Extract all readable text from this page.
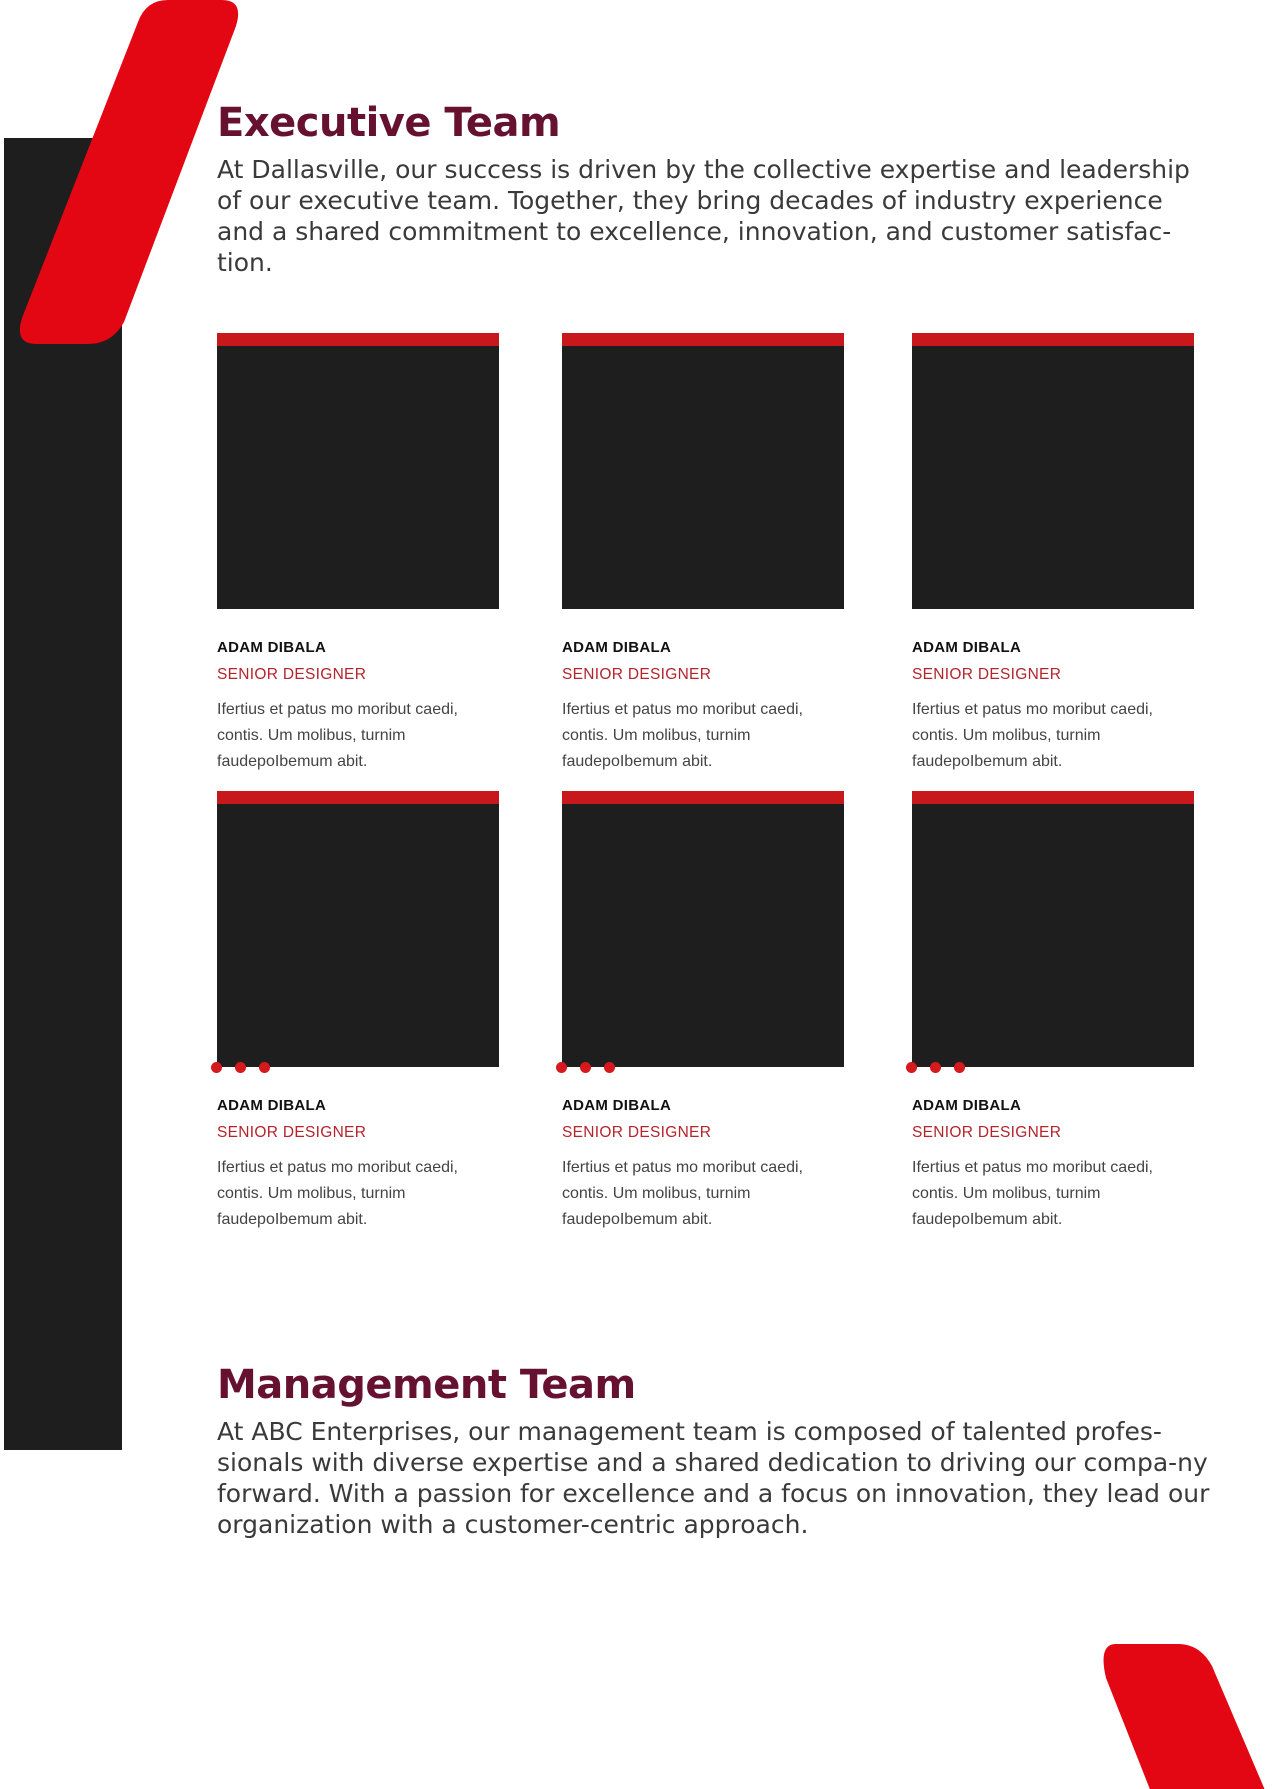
Executive Team

At Dallasville, our success is driven by the collective expertise and leadership of our executive team. Together, they bring decades of industry experience and a shared commitment to excellence, innovation, and customer satisfac-tion.

ADAM DIBALA
SENIOR DESIGNER
Ifertius et patus mo moribut caedi, contis. Um molibus, turnim faudepoIbemum abit.
ADAM DIBALA
SENIOR DESIGNER
Ifertius et patus mo moribut caedi, contis. Um molibus, turnim faudepoIbemum abit.
ADAM DIBALA
SENIOR DESIGNER
Ifertius et patus mo moribut caedi, contis. Um molibus, turnim faudepoIbemum abit.
ADAM DIBALA
SENIOR DESIGNER
Ifertius et patus mo moribut caedi, contis. Um molibus, turnim faudepoIbemum abit.
ADAM DIBALA
SENIOR DESIGNER
Ifertius et patus mo moribut caedi, contis. Um molibus, turnim faudepoIbemum abit.
ADAM DIBALA
SENIOR DESIGNER
Ifertius et patus mo moribut caedi, contis. Um molibus, turnim faudepoIbemum abit.
Management Team

At ABC Enterprises, our management team is composed of talented profes-sionals with diverse expertise and a shared dedication to driving our compa-ny forward. With a passion for excellence and a focus on innovation, they lead our organization with a customer-centric approach.
